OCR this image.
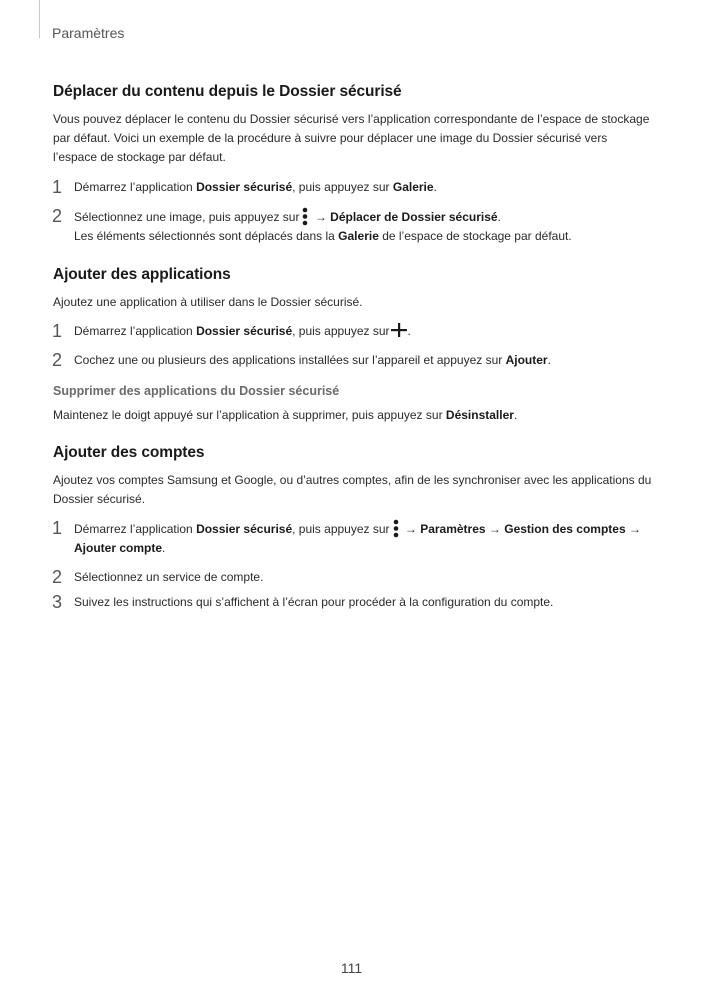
Paramètres
Déplacer du contenu depuis le Dossier sécurisé

Vous pouvez déplacer le contenu du Dossier sécurisé vers l’application correspondante de l’espace de stockage par défaut. Voici un exemple de la procédure à suivre pour déplacer une image du Dossier sécurisé vers l’espace de stockage par défaut.

1 Démarrez l’application Dossier sécurisé, puis appuyez sur Galerie.
2 Sélectionnez une image, puis appuyez sur → Déplacer de Dossier sécurisé.
Les éléments sélectionnés sont déplacés dans la Galerie de l’espace de stockage par défaut.
Ajouter des applications

Ajoutez une application à utiliser dans le Dossier sécurisé.

1 Démarrez l’application Dossier sécurisé, puis appuyez sur .
2 Cochez une ou plusieurs des applications installées sur l’appareil et appuyez sur Ajouter.
Supprimer des applications du Dossier sécurisé

Maintenez le doigt appuyé sur l’application à supprimer, puis appuyez sur Désinstaller.

Ajouter des comptes

Ajoutez vos comptes Samsung et Google, ou d’autres comptes, afin de les synchroniser avec les applications du Dossier sécurisé.

1 Démarrez l’application Dossier sécurisé, puis appuyez sur → Paramètres → Gestion des comptes → Ajouter compte.
2 Sélectionnez un service de compte.
3 Suivez les instructions qui s’affichent à l’écran pour procéder à la configuration du compte.
111
